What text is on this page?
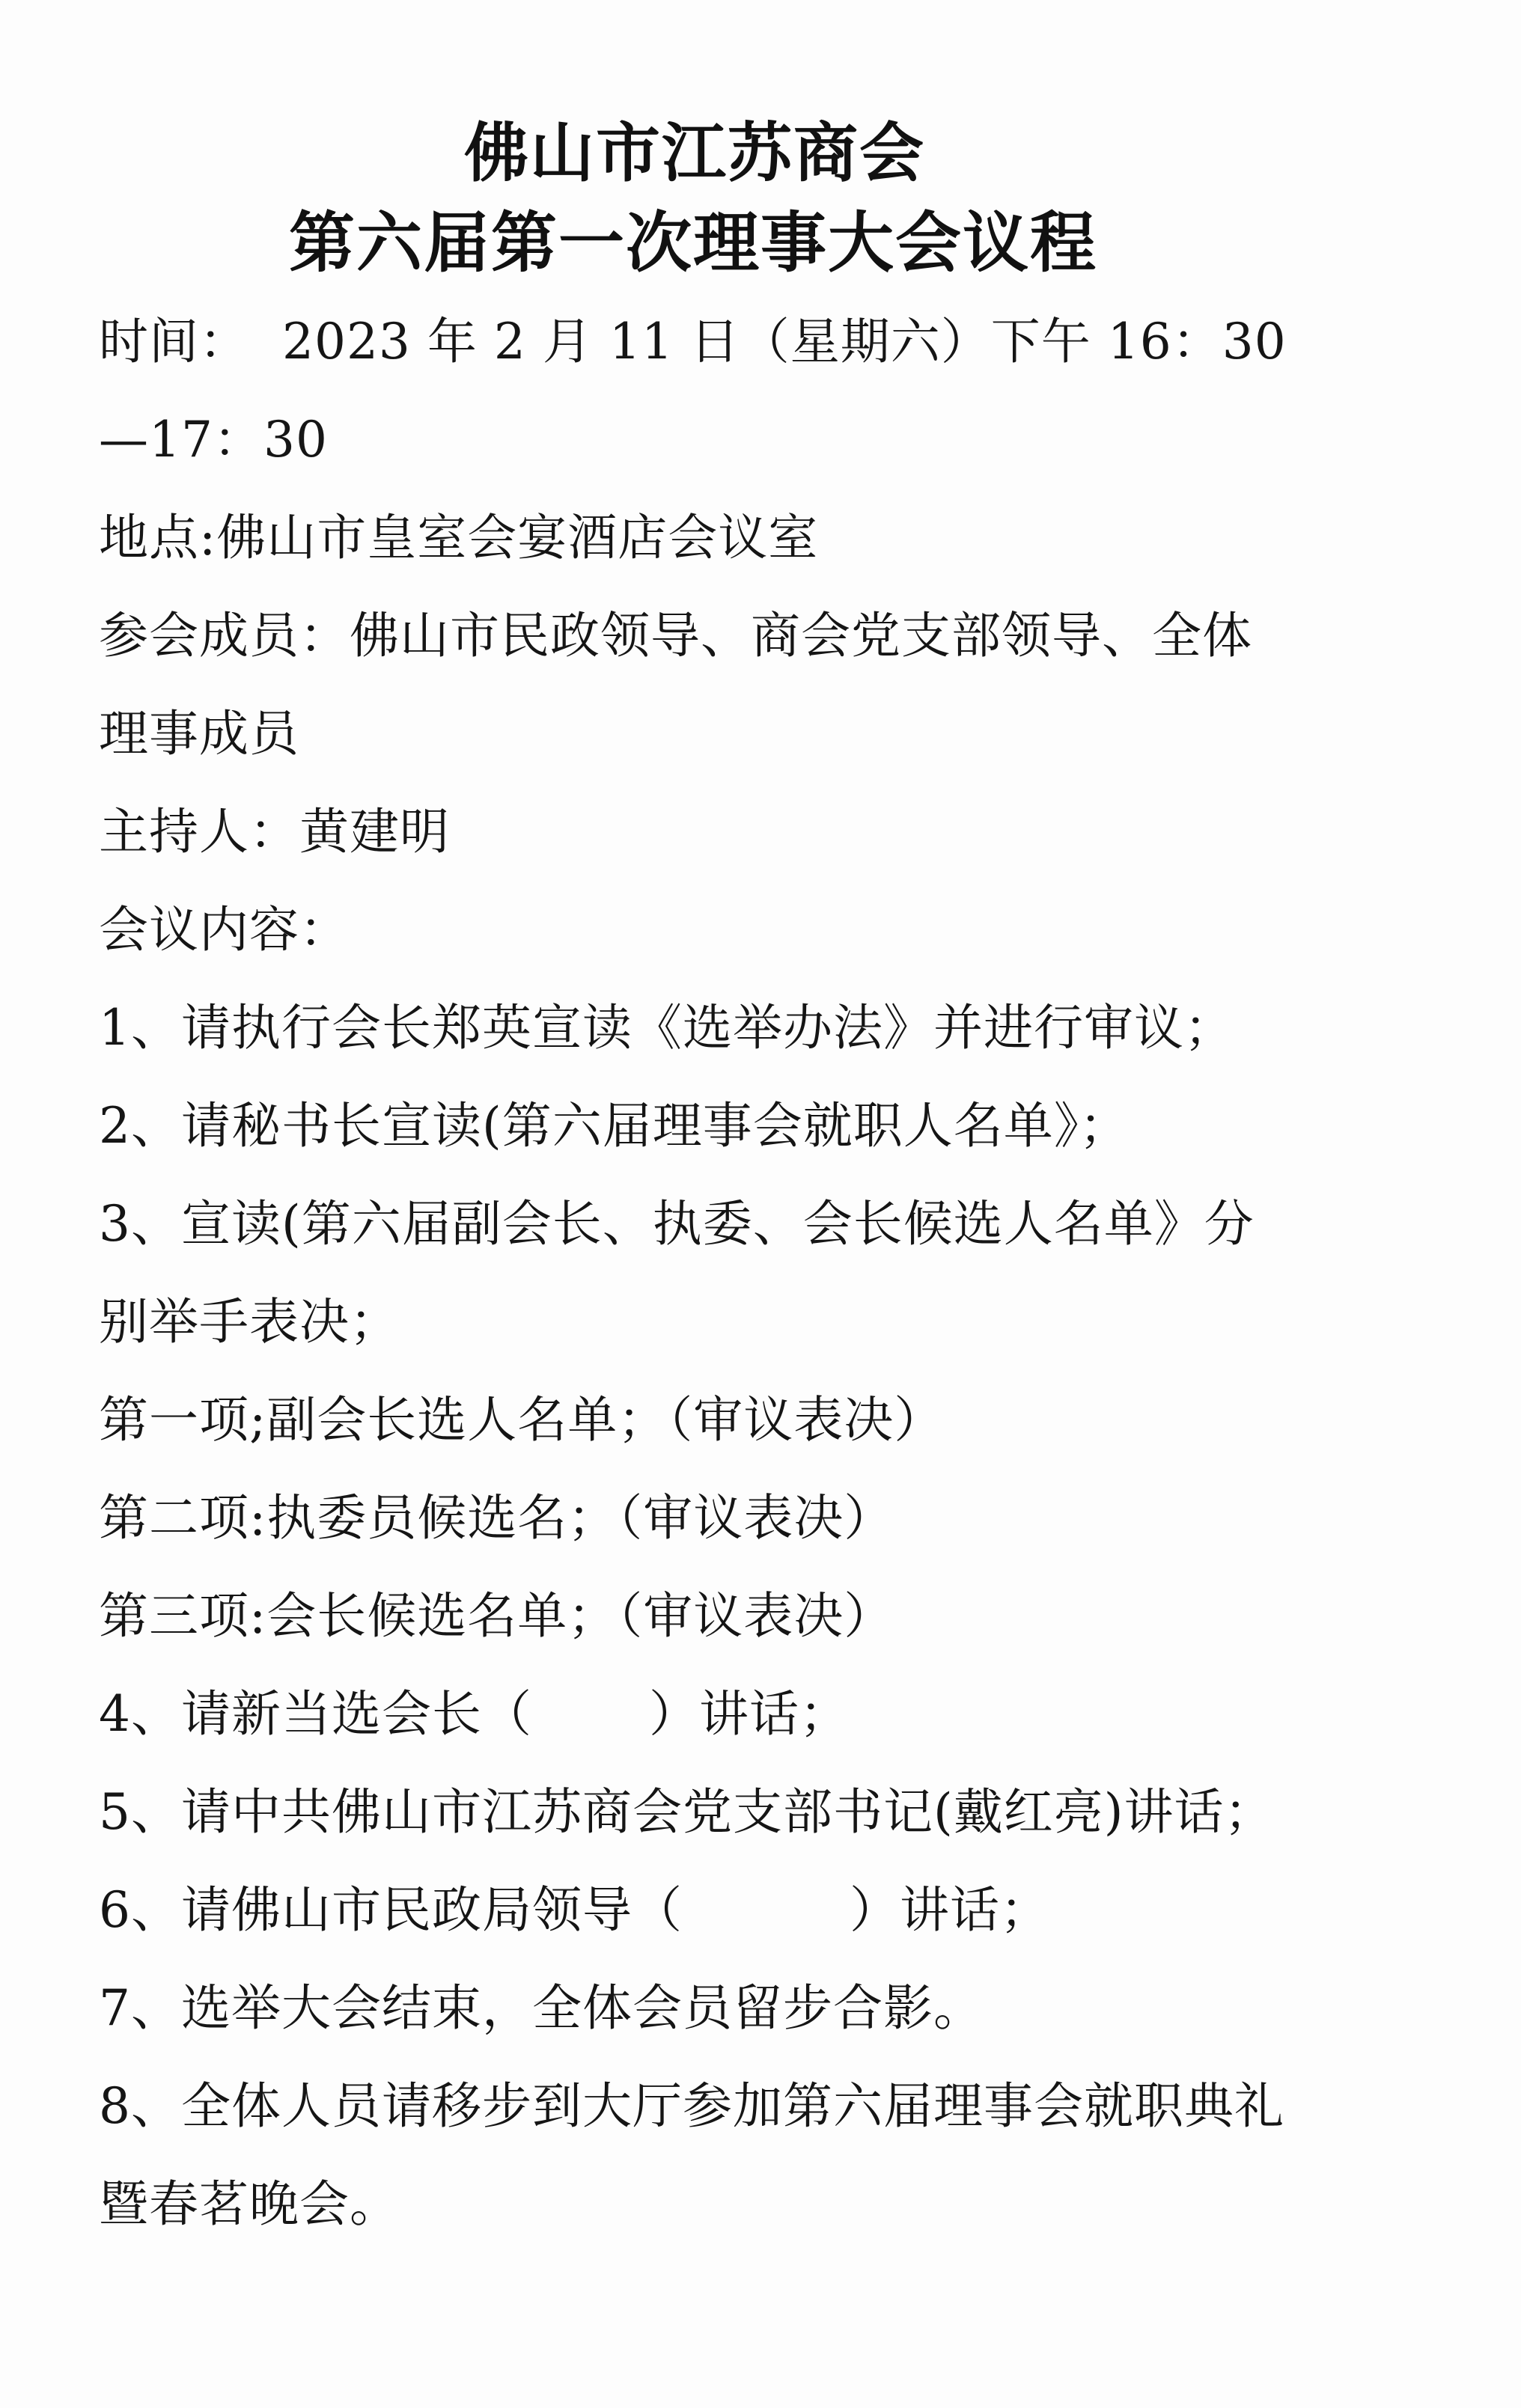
佛山市江苏商会
第六届第一次理事大会议程
时间：  2023 年 2 月 11 日（星期六）下午 16：30
—17：30
地点:佛山市皇室会宴酒店会议室
参会成员：佛山市民政领导、商会党支部领导、全体
理事成员
主持人：黄建明
会议内容：
1、请执行会长郑英宣读《选举办法》并进行审议；
2、请秘书长宣读(第六届理事会就职人名单》；
3、宣读(第六届副会长、执委、会长候选人名单》分
别举手表决；
第一项;副会长选人名单；（审议表决）
第二项:执委员候选名；（审议表决）
第三项:会长候选名单；（审议表决）
4、请新当选会长（　　 ）讲话；
5、请中共佛山市江苏商会党支部书记(戴红亮)讲话；
6、请佛山市民政局领导（　　　 ）讲话；
7、选举大会结束，全体会员留步合影。
8、全体人员请移步到大厅参加第六届理事会就职典礼
暨春茗晚会。
